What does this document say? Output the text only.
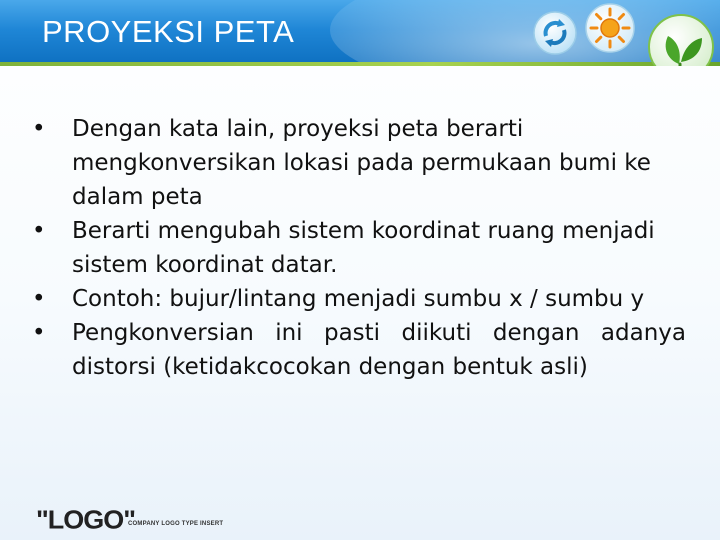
PROYEKSI PETA
• Dengan kata lain, proyeksi peta berarti mengkonversikan lokasi pada permukaan bumi ke dalam peta
• Berarti mengubah sistem koordinat ruang menjadi sistem koordinat datar.
• Contoh: bujur/lintang menjadi sumbu x / sumbu y
• Pengkonversian ini pasti diikuti dengan adanya distorsi (ketidakcocokan dengan bentuk asli)
"LOGO"
COMPANY LOGO TYPE INSERT
